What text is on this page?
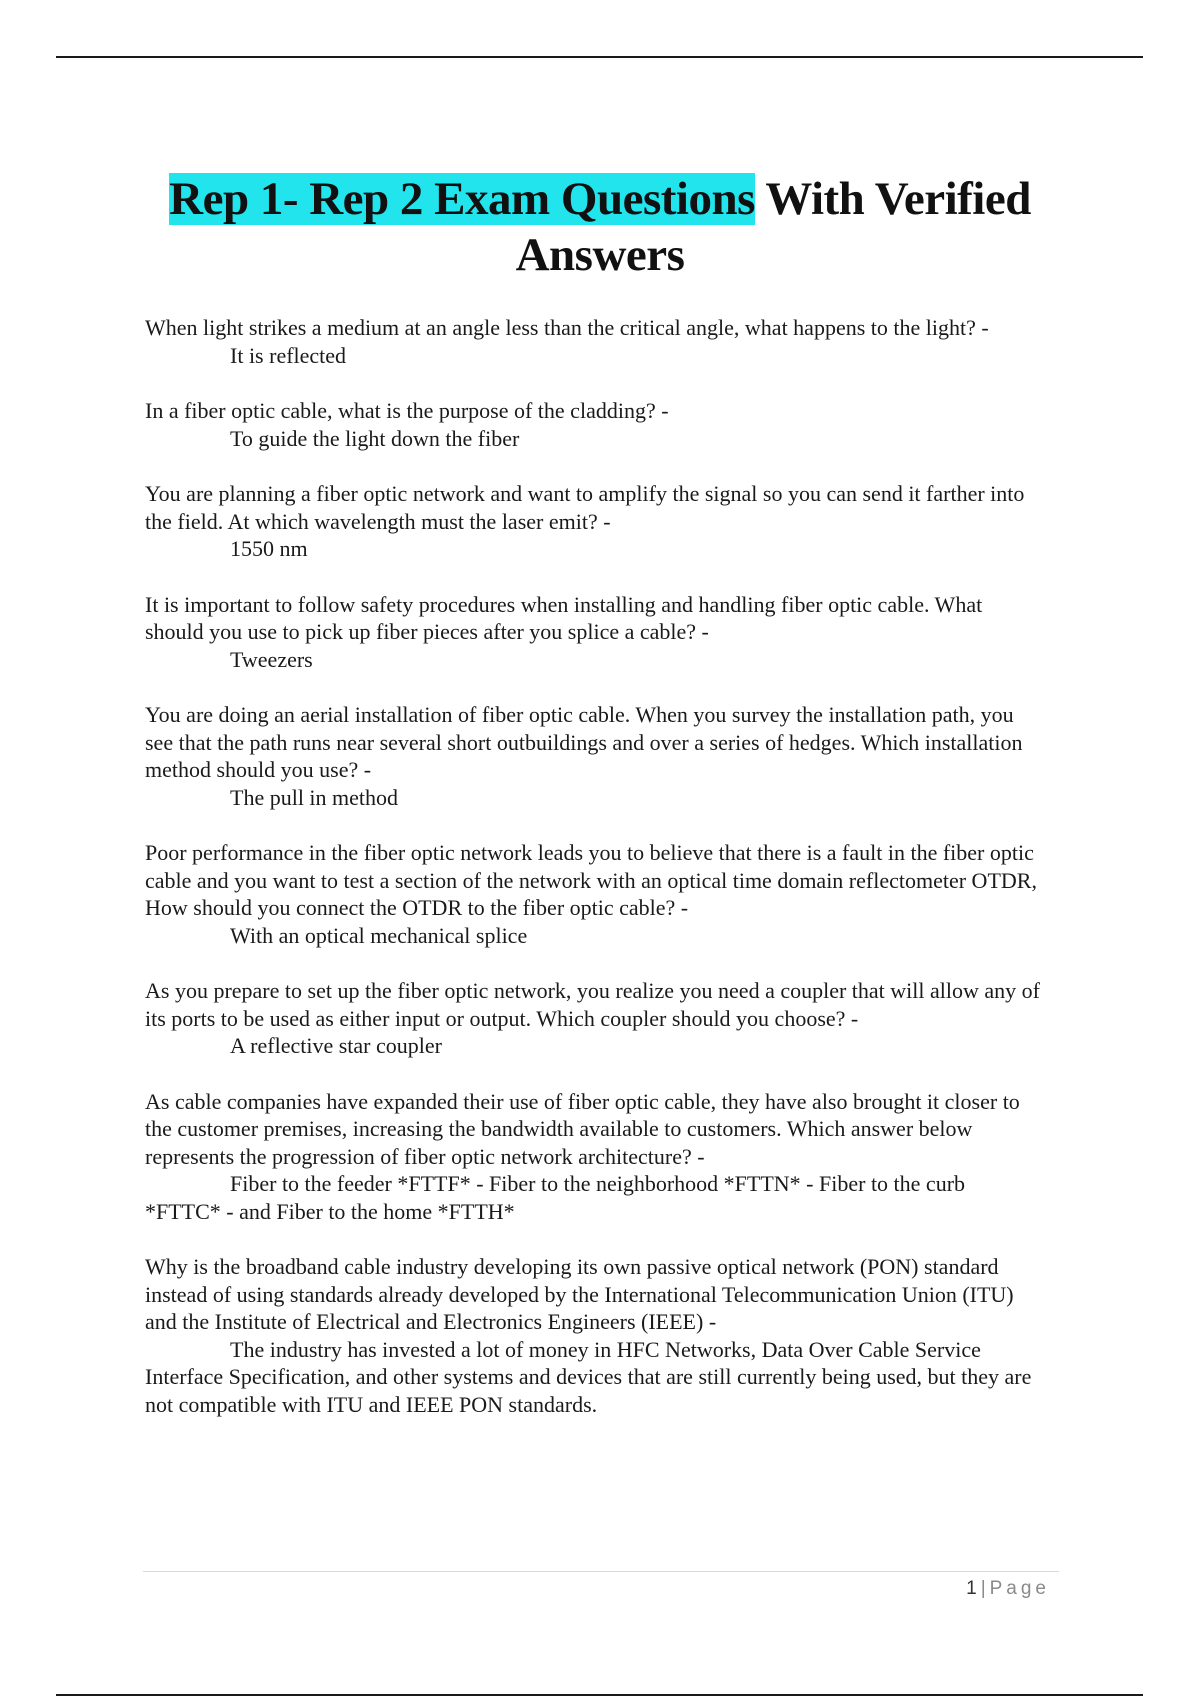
Rep 1- Rep 2 Exam Questions With Verified Answers

When light strikes a medium at an angle less than the critical angle, what happens to the light? -

It is reflected

In a fiber optic cable, what is the purpose of the cladding? -

To guide the light down the fiber

You are planning a fiber optic network and want to amplify the signal so you can send it farther into the field. At which wavelength must the laser emit? -

1550 nm

It is important to follow safety procedures when installing and handling fiber optic cable. What should you use to pick up fiber pieces after you splice a cable? -

Tweezers

You are doing an aerial installation of fiber optic cable. When you survey the installation path, you see that the path runs near several short outbuildings and over a series of hedges. Which installation method should you use? -

The pull in method

Poor performance in the fiber optic network leads you to believe that there is a fault in the fiber optic cable and you want to test a section of the network with an optical time domain reflectometer OTDR, How should you connect the OTDR to the fiber optic cable? -

With an optical mechanical splice

As you prepare to set up the fiber optic network, you realize you need a coupler that will allow any of its ports to be used as either input or output. Which coupler should you choose? -

A reflective star coupler

As cable companies have expanded their use of fiber optic cable, they have also brought it closer to the customer premises, increasing the bandwidth available to customers. Which answer below represents the progression of fiber optic network architecture? -

Fiber to the feeder *FTTF* - Fiber to the neighborhood *FTTN* - Fiber to the curb *FTTC* - and Fiber to the home *FTTH*

Why is the broadband cable industry developing its own passive optical network (PON) standard instead of using standards already developed by the International Telecommunication Union (ITU) and the Institute of Electrical and Electronics Engineers (IEEE) -

The industry has invested a lot of money in HFC Networks, Data Over Cable Service Interface Specification, and other systems and devices that are still currently being used, but they are not compatible with ITU and IEEE PON standards.

1 | Page
